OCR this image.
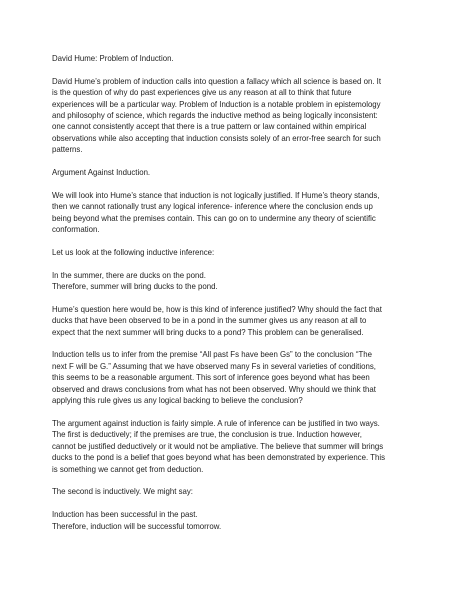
David Hume: Problem of Induction.

David Hume’s problem of induction calls into question a fallacy which all science is based on. It
is the question of why do past experiences give us any reason at all to think that future
experiences will be a particular way. Problem of Induction is a notable problem in epistemology
and philosophy of science, which regards the inductive method as being logically inconsistent:
one cannot consistently accept that there is a true pattern or law contained within empirical
observations while also accepting that induction consists solely of an error-free search for such
patterns.

Argument Against Induction.

We will look into Hume’s stance that induction is not logically justified. If Hume’s theory stands,
then we cannot rationally trust any logical inference- inference where the conclusion ends up
being beyond what the premises contain. This can go on to undermine any theory of scientific
conformation.

Let us look at the following inductive inference:

In the summer, there are ducks on the pond.
Therefore, summer will bring ducks to the pond.

Hume’s question here would be, how is this kind of inference justified? Why should the fact that
ducks that have been observed to be in a pond in the summer gives us any reason at all to
expect that the next summer will bring ducks to a pond? This problem can be generalised.

Induction tells us to infer from the premise “All past Fs have been Gs” to the conclusion “The
next F will be G.” Assuming that we have observed many Fs in several varieties of conditions,
this seems to be a reasonable argument. This sort of inference goes beyond what has been
observed and draws conclusions from what has not been observed. Why should we think that
applying this rule gives us any logical backing to believe the conclusion?

The argument against induction is fairly simple. A rule of inference can be justified in two ways.
The first is deductively; if the premises are true, the conclusion is true. Induction however,
cannot be justified deductively or it would not be ampliative. The believe that summer will brings
ducks to the pond is a belief that goes beyond what has been demonstrated by experience. This
is something we cannot get from deduction.

The second is inductively. We might say:

Induction has been successful in the past.
Therefore, induction will be successful tomorrow.
